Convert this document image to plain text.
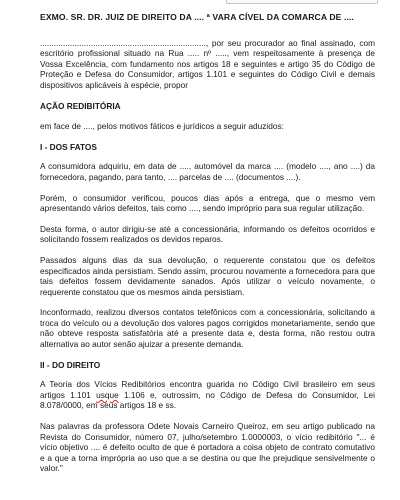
EXMO. SR. DR. JUIZ DE DIREITO DA .... ª VARA CÍVEL DA COMARCA DE ....

........................................................................, por seu procurador ao final assinado, com escritório profissional situado na Rua ..... nº ....., vem respeitosamente à presença de Vossa Excelência, com fundamento nos artigos 18 e seguintes e artigo 35 do Código de Proteção e Defesa do Consumidor, artigos 1.101 e seguintes do Código Civil e demais dispositivos aplicáveis à espécie, propor

AÇÃO REDIBITÓRIA

em face de ...., pelos motivos fáticos e jurídicos a seguir aduzidos:

I - DOS FATOS

A consumidora adquiriu, em data de ...., automóvel da marca .... (modelo ...., ano ....) da fornecedora, pagando, para tanto, .... parcelas de .... (documentos ....).

Porém, o consumidor verificou, poucos dias após a entrega, que o mesmo vem apresentando vários defeitos, tais como ...., sendo impróprio para sua regular utilização.

Desta forma, o autor dirigiu-se até a concessionária, informando os defeitos ocorridos e solicitando fossem realizados os devidos reparos.

Passados alguns dias da sua devolução, o requerente constatou que os defeitos especificados ainda persistiam. Sendo assim, procurou novamente a fornecedora para que tais defeitos fossem devidamente sanados. Após utilizar o veículo novamente, o requerente constatou que os mesmos ainda persistiam.

Inconformado, realizou diversos contatos telefônicos com a concessionária, solicitando a troca do veículo ou a devolução dos valores pagos corrigidos monetariamente, sendo que não obteve resposta satisfatória até a presente data e, desta forma, não restou outra alternativa ao autor senão ajuizar a presente demanda.

II - DO DIREITO

A Teoria dos Vícios Redibitórios encontra guarida no Código Civil brasileiro em seus artigos 1.101 usque 1.106 e, outrossim, no Código de Defesa do Consumidor, Lei 8.078/0000, em seus artigos 18 e ss.

Nas palavras da professora Odete Novais Carneiro Queiroz, em seu artigo publicado na Revista do Consumidor, número 07, julho/setembro 1.0000003, o vício redibitório "... é vício objetivo .... é defeito oculto de que é portadora a coisa objeto de contrato comutativo e a que a torna imprópria ao uso que a se destina ou que lhe prejudique sensivelmente o valor."
